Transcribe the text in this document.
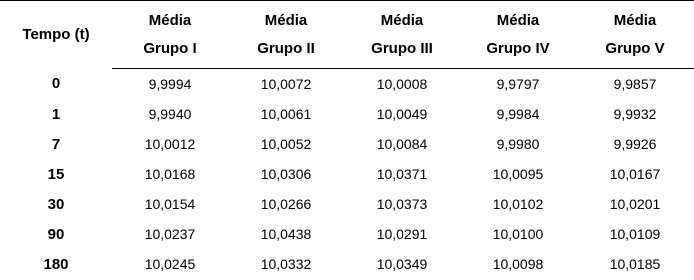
Tempo (t)	Média	Média	Média	Média	Média
	Grupo I	Grupo II	Grupo III	Grupo IV	Grupo V
0	9,9994	10,0072	10,0008	9,9797	9,9857
1	9,9940	10,0061	10,0049	9,9984	9,9932
7	10,0012	10,0052	10,0084	9,9980	9,9926
15	10,0168	10,0306	10,0371	10,0095	10,0167
30	10,0154	10,0266	10,0373	10,0102	10,0201
90	10,0237	10,0438	10,0291	10,0100	10,0109
180	10,0245	10,0332	10,0349	10,0098	10,0185
